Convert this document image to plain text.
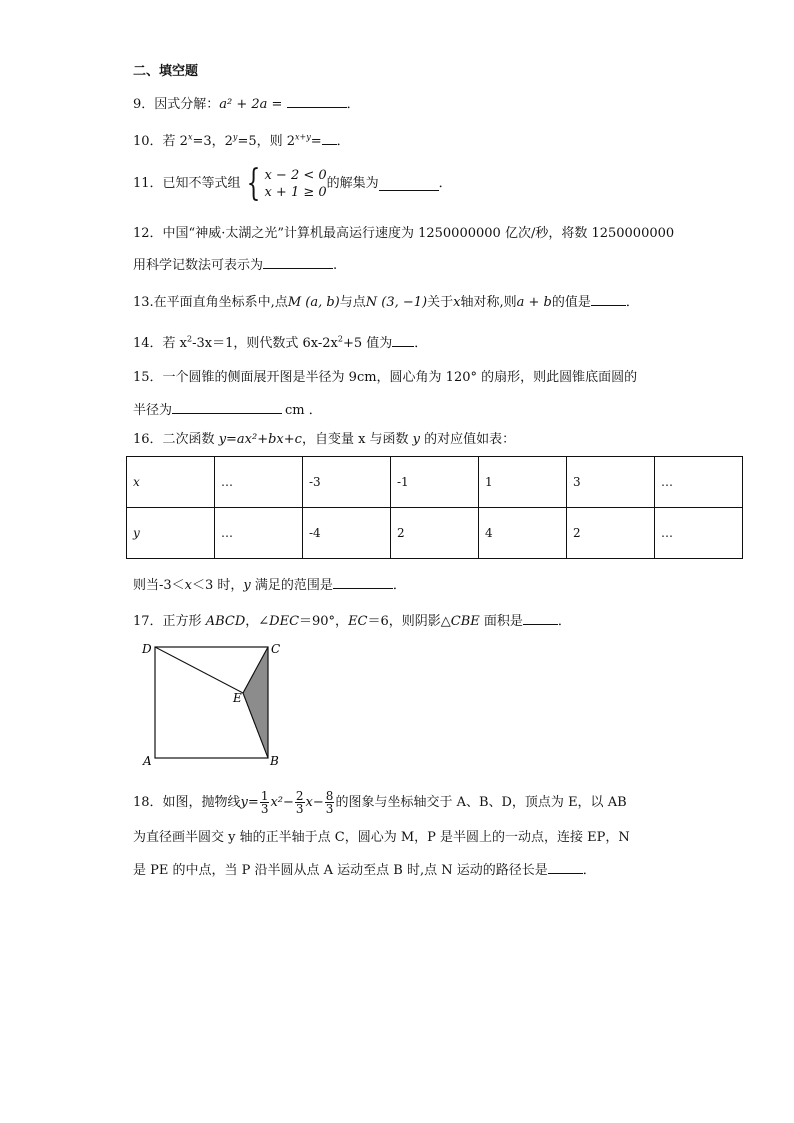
二、填空题
9．因式分解：a² + 2a =	．
10．若 $2^x=3$，$2^y=5$，则 $2^{x+y}=$ ．
11．已知不等式组 { x − 2 < 0
x + 1 ≥ 0
的解集为	．
12．中国“神威·太湖之光”计算机最高运行速度为 1250000000 亿次/秒，将数 1250000000
用科学记数法可表示为	.
13.在平面直角坐标系中,点M (a, b)与点N (3, −1)关于x轴对称,则a + b的值是	．
14．若 $x^2-3x=1$，则代数式 $6x-2x^2+5$ 值为 ．
15．一个圆锥的侧面展开图是半径为 9cm，圆心角为 120° 的扇形，则此圆锥底面圆的
半径为	cm ．
16．二次函数 y=ax²+bx+c，自变量 x 与函数 y 的对应值如表：
x	…	-3	-1	1	3	…
y	…	-4	2	4	2	…
则当-3＜x＜3 时，y 满足的范围是	．
17．正方形 ABCD，∠DEC＝90°，EC＝6，则阴影△CBE 面积是	．
D	C
E
A	B
18．如图，抛物线$y= \frac{1}{3} x^2- \frac{2}{3} x- \frac{8}{3}$ 的图象与坐标轴交于 A、B、D，顶点为 E，以 AB
为直径画半圆交 y 轴的正半轴于点 C，圆心为 M，P 是半圆上的一动点，连接 EP，N
是 PE 的中点，当 P 沿半圆从点 A 运动至点 B 时,点 N 运动的路径长是	．
